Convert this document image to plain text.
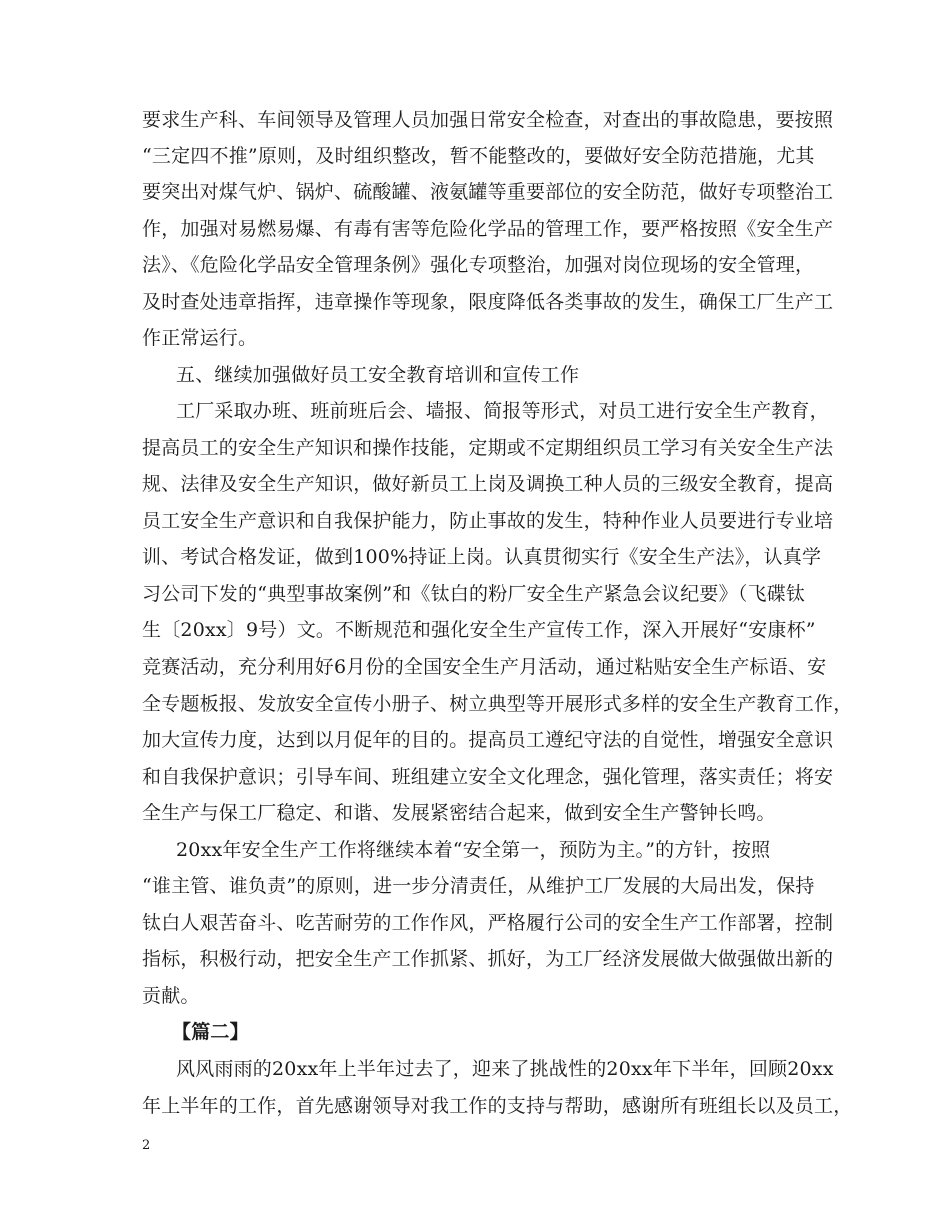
要求生产科、车间领导及管理人员加强日常安全检查，对查出的事故隐患，要按照
“三定四不推”原则，及时组织整改，暂不能整改的，要做好安全防范措施，尤其
要突出对煤气炉、锅炉、硫酸罐、液氨罐等重要部位的安全防范，做好专项整治工
作，加强对易燃易爆、有毒有害等危险化学品的管理工作，要严格按照《安全生产
法》、《危险化学品安全管理条例》强化专项整治，加强对岗位现场的安全管理，
及时查处违章指挥，违章操作等现象，限度降低各类事故的发生，确保工厂生产工
作正常运行。
五、继续加强做好员工安全教育培训和宣传工作
工厂采取办班、班前班后会、墙报、简报等形式，对员工进行安全生产教育，
提高员工的安全生产知识和操作技能，定期或不定期组织员工学习有关安全生产法
规、法律及安全生产知识，做好新员工上岗及调换工种人员的三级安全教育，提高
员工安全生产意识和自我保护能力，防止事故的发生，特种作业人员要进行专业培
训、考试合格发证，做到100%持证上岗。认真贯彻实行《安全生产法》，认真学
习公司下发的“典型事故案例”和《钛白的粉厂安全生产紧急会议纪要》（飞碟钛
生〔20xx〕9号）文。不断规范和强化安全生产宣传工作，深入开展好“安康杯”
竞赛活动，充分利用好6月份的全国安全生产月活动，通过粘贴安全生产标语、安
全专题板报、发放安全宣传小册子、树立典型等开展形式多样的安全生产教育工作，
加大宣传力度，达到以月促年的目的。提高员工遵纪守法的自觉性，增强安全意识
和自我保护意识；引导车间、班组建立安全文化理念，强化管理，落实责任；将安
全生产与保工厂稳定、和谐、发展紧密结合起来，做到安全生产警钟长鸣。
20xx年安全生产工作将继续本着“安全第一，预防为主。”的方针，按照
“谁主管、谁负责”的原则，进一步分清责任，从维护工厂发展的大局出发，保持
钛白人艰苦奋斗、吃苦耐劳的工作作风，严格履行公司的安全生产工作部署，控制
指标，积极行动，把安全生产工作抓紧、抓好，为工厂经济发展做大做强做出新的
贡献。
【篇二】
风风雨雨的20xx年上半年过去了，迎来了挑战性的20xx年下半年，回顾20xx
年上半年的工作，首先感谢领导对我工作的支持与帮助，感谢所有班组长以及员工，
2
